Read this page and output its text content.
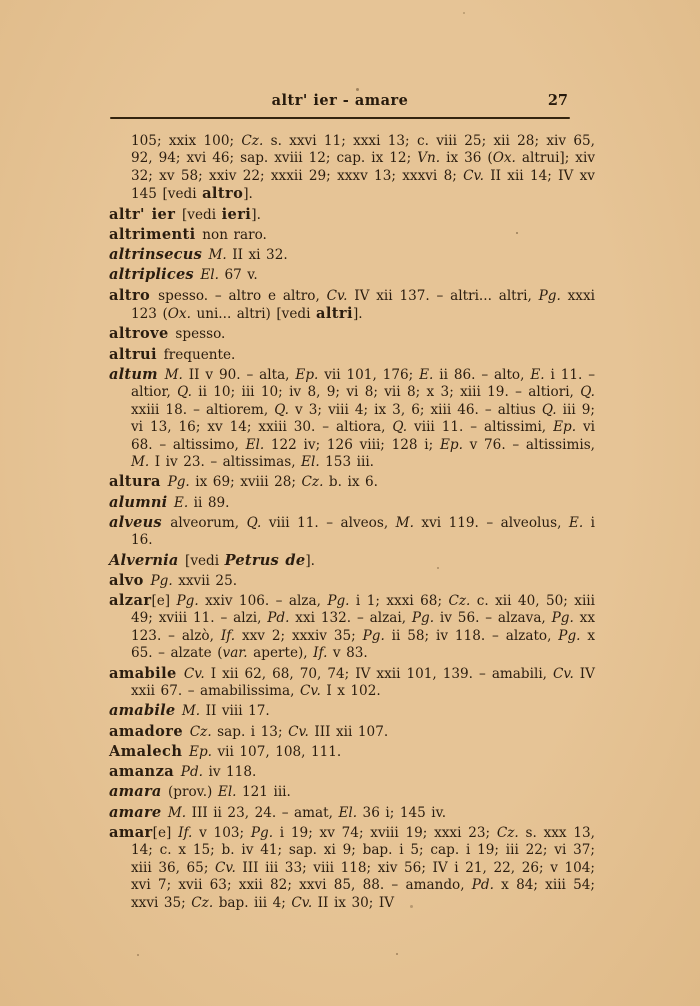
altr' ier - amare	27

105; xxix 100; Cz. s. xxvi 11; xxxi 13; c. viii 25; xii 28; xiv 65, 92, 94; xvi 46; sap. xviii 12; cap. ix 12; Vn. ix 36 (Ox. altrui]; xiv 32; xv 58; xxiv 22; xxxii 29; xxxv 13; xxxvi 8; Cv. II xii 14; IV xv 145 [vedi altro].

altr' ier [vedi ieri].

altrimenti non raro.

altrinsecus M. II xi 32.

altriplices El. 67 v.

altro spesso. – altro e altro, Cv. IV xii 137. – altri... altri, Pg. xxxi 123 (Ox. uni... altri) [vedi altri].

altrove spesso.

altrui frequente.

altum M. II v 90. – alta, Ep. vii 101, 176; E. ii 86. – alto, E. i 11. – altior, Q. ii 10; iii 10; iv 8, 9; vi 8; vii 8; x 3; xiii 19. – altiori, Q. xxiii 18. – altiorem, Q. v 3; viii 4; ix 3, 6; xiii 46. – altius Q. iii 9; vi 13, 16; xv 14; xxiii 30. – altiora, Q. viii 11. – altissimi, Ep. vi 68. – altissimo, El. 122 iv; 126 viii; 128 i; Ep. v 76. – altissimis, M. I iv 23. – altissimas, El. 153 iii.

altura Pg. ix 69; xviii 28; Cz. b. ix 6.

alumni E. ii 89.

alveus alveorum, Q. viii 11. – alveos, M. xvi 119. – alveolus, E. i 16.

Alvernia [vedi Petrus de].

alvo Pg. xxvii 25.

alzar[e] Pg. xxiv 106. – alza, Pg. i 1; xxxi 68; Cz. c. xii 40, 50; xiii 49; xviii 11. – alzi, Pd. xxi 132. – alzai, Pg. iv 56. – alzava, Pg. xx 123. – alzò, If. xxv 2; xxxiv 35; Pg. ii 58; iv 118. – alzato, Pg. x 65. – alzate (var. aperte), If. v 83.

amabile Cv. I xii 62, 68, 70, 74; IV xxii 101, 139. – amabili, Cv. IV xxii 67. – amabilissima, Cv. I x 102.

amabile M. II viii 17.

amadore Cz. sap. i 13; Cv. III xii 107.

Amalech Ep. vii 107, 108, 111.

amanza Pd. iv 118.

amara (prov.) El. 121 iii.

amare M. III ii 23, 24. – amat, El. 36 i; 145 iv.

amar[e] If. v 103; Pg. i 19; xv 74; xviii 19; xxxi 23; Cz. s. xxx 13, 14; c. x 15; b. iv 41; sap. xi 9; bap. i 5; cap. i 19; iii 22; vi 37; xiii 36, 65; Cv. III iii 33; viii 118; xiv 56; IV i 21, 22, 26; v 104; xvi 7; xvii 63; xxii 82; xxvi 85, 88. – amando, Pd. x 84; xiii 54; xxvi 35; Cz. bap. iii 4; Cv. II ix 30; IV
